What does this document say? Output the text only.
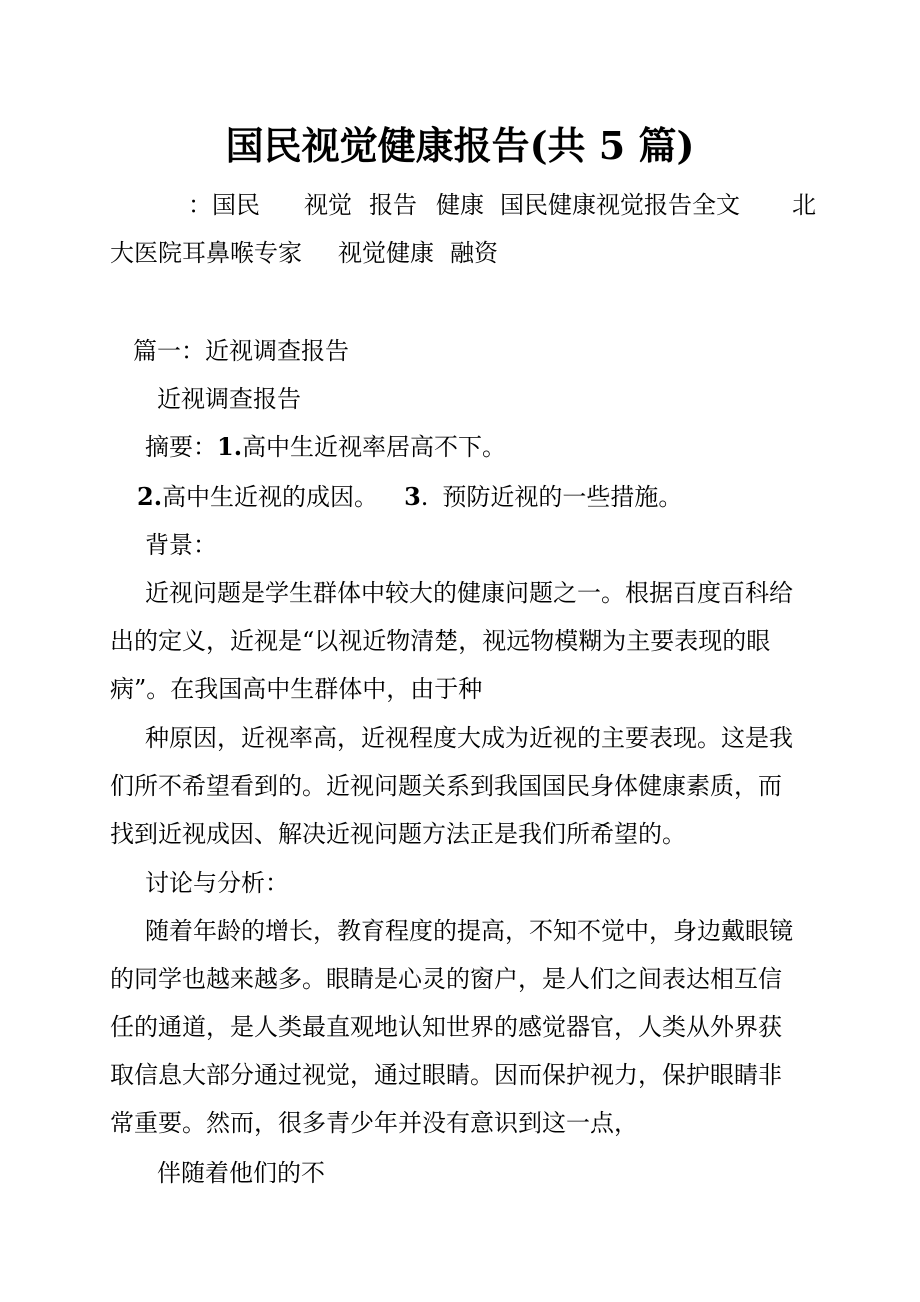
国民视觉健康报告(共 5 篇)
：国民 视觉 报告 健康 国民健康视觉报告全文 北
大医院耳鼻喉专家 视觉健康 融资
篇一：近视调查报告
近视调查报告
摘要：1.高中生近视率居高不下。
2.高中生近视的成因。 3. 预防近视的一些措施。
背景：
近视问题是学生群体中较大的健康问题之一。根据百度百科给
出的定义，近视是“以视近物清楚，视远物模糊为主要表现的眼
病”。在我国高中生群体中，由于种
种原因，近视率高，近视程度大成为近视的主要表现。这是我
们所不希望看到的。近视问题关系到我国国民身体健康素质，而
找到近视成因、解决近视问题方法正是我们所希望的。
讨论与分析：
随着年龄的增长，教育程度的提高，不知不觉中，身边戴眼镜
的同学也越来越多。眼睛是心灵的窗户，是人们之间表达相互信
任的通道，是人类最直观地认知世界的感觉器官，人类从外界获
取信息大部分通过视觉，通过眼睛。因而保护视力，保护眼睛非
常重要。然而，很多青少年并没有意识到这一点，
伴随着他们的不
